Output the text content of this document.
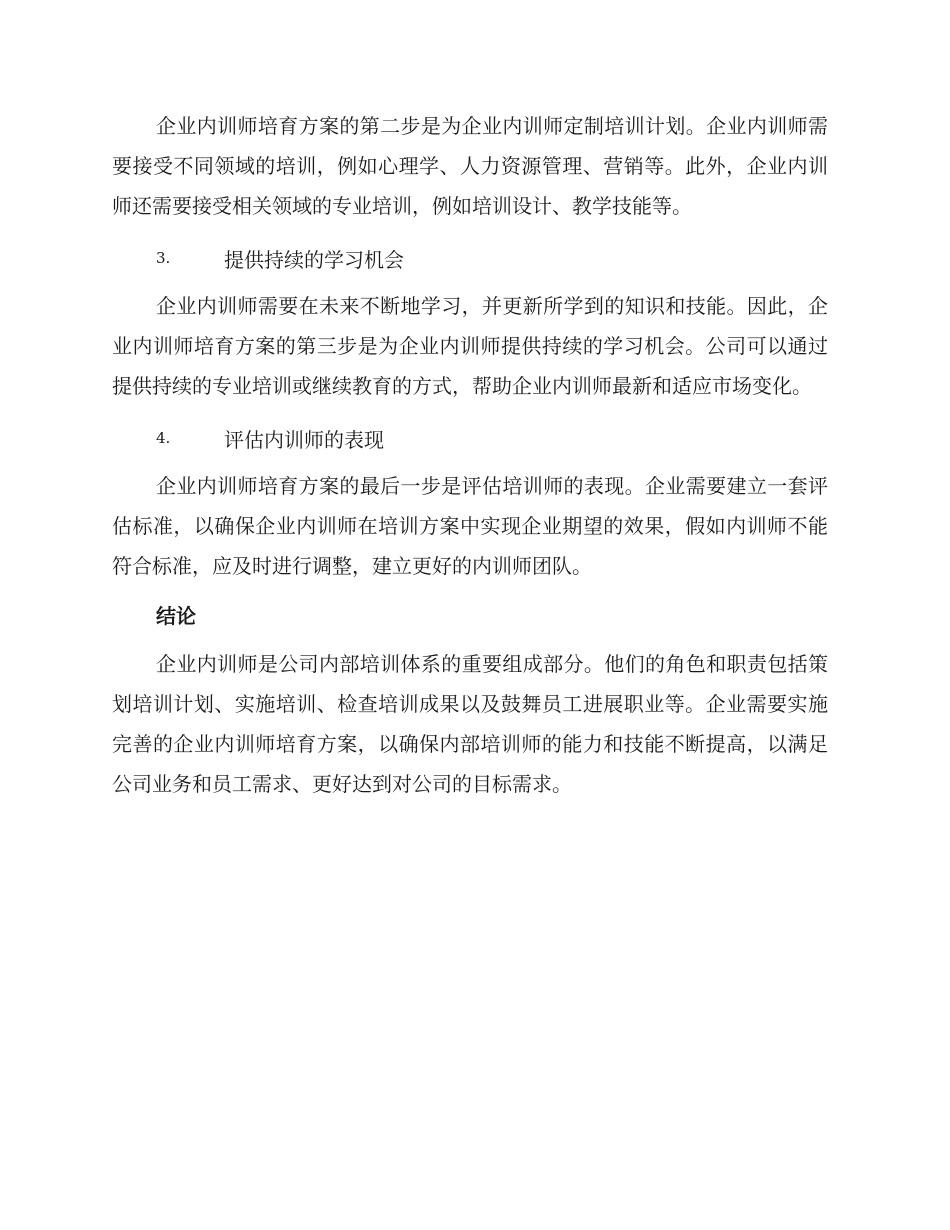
企业内训师培育方案的第二步是为企业内训师定制培训计划。企业内训师需要接受不同领域的培训，例如心理学、人力资源管理、营销等。此外，企业内训师还需要接受相关领域的专业培训，例如培训设计、教学技能等。

3.	提供持续的学习机会

企业内训师需要在未来不断地学习，并更新所学到的知识和技能。因此，企业内训师培育方案的第三步是为企业内训师提供持续的学习机会。公司可以通过提供持续的专业培训或继续教育的方式，帮助企业内训师最新和适应市场变化。

4.	评估内训师的表现

企业内训师培育方案的最后一步是评估培训师的表现。企业需要建立一套评估标准，以确保企业内训师在培训方案中实现企业期望的效果，假如内训师不能符合标准，应及时进行调整，建立更好的内训师团队。

结论

企业内训师是公司内部培训体系的重要组成部分。他们的角色和职责包括策划培训计划、实施培训、检查培训成果以及鼓舞员工进展职业等。企业需要实施完善的企业内训师培育方案，以确保内部培训师的能力和技能不断提高，以满足公司业务和员工需求、更好达到对公司的目标需求。
